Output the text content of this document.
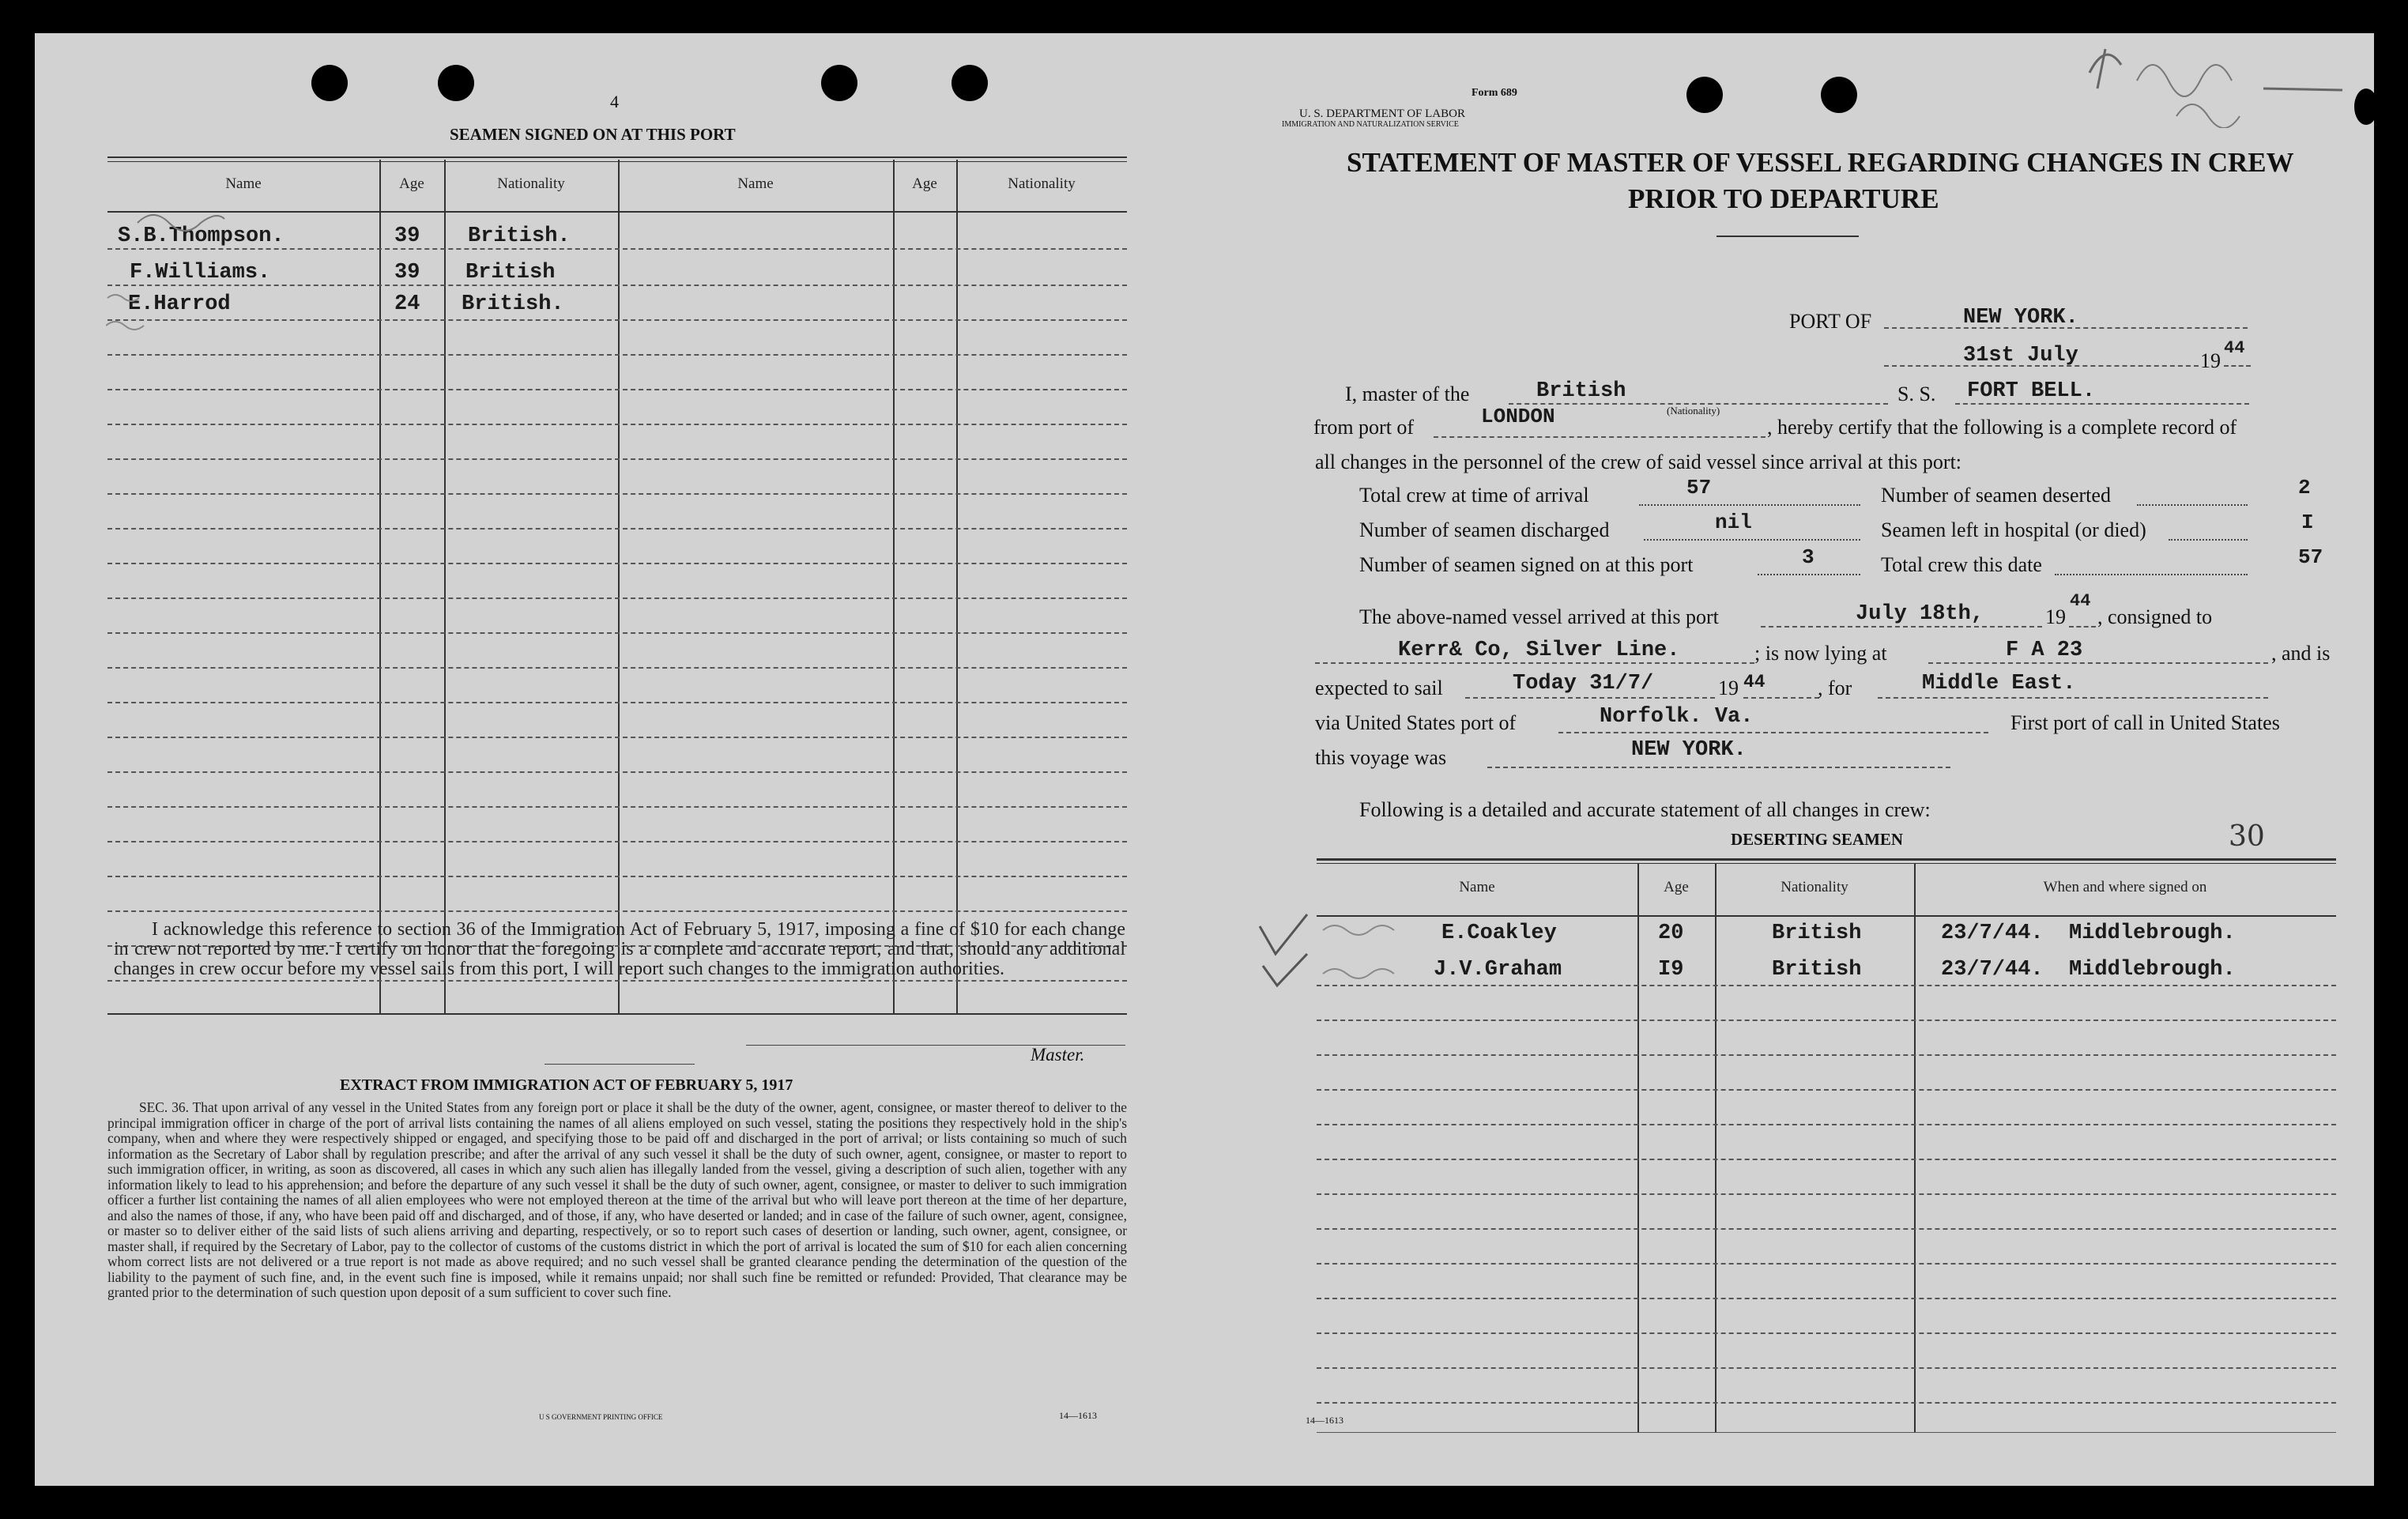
4
SEAMEN SIGNED ON AT THIS PORT
Name	Age	Nationality	Name	Age	Nationality
S.B.Thompson.	39 British.
F.Williams.	39 British
E.Harrod	24 British.
I acknowledge this reference to section 36 of the Immigration Act of February 5, 1917, imposing a fine of $10 for each change in crew not reported by me. I certify on honor that the foregoing is a complete and accurate report, and that, should any additional changes in crew occur before my vessel sails from this port, I will report such changes to the immigration authorities.
Master.
EXTRACT FROM IMMIGRATION ACT OF FEBRUARY 5, 1917
SEC. 36. That upon arrival of any vessel in the United States from any foreign port or place it shall be the duty of the owner, agent, consignee, or master thereof to deliver to the principal immigration officer in charge of the port of arrival lists containing the names of all aliens employed on such vessel, stating the positions they respectively hold in the ship's company, when and where they were respectively shipped or engaged, and specifying those to be paid off and discharged in the port of arrival; or lists containing so much of such information as the Secretary of Labor shall by regulation prescribe; and after the arrival of any such vessel it shall be the duty of such owner, agent, consignee, or master to report to such immigration officer, in writing, as soon as discovered, all cases in which any such alien has illegally landed from the vessel, giving a description of such alien, together with any information likely to lead to his apprehension; and before the departure of any such vessel it shall be the duty of such owner, agent, consignee, or master to deliver to such immigration officer a further list containing the names of all alien employees who were not employed thereon at the time of the arrival but who will leave port thereon at the time of her departure, and also the names of those, if any, who have been paid off and discharged, and of those, if any, who have deserted or landed; and in case of the failure of such owner, agent, consignee, or master so to deliver either of the said lists of such aliens arriving and departing, respectively, or so to report such cases of desertion or landing, such owner, agent, consignee, or master shall, if required by the Secretary of Labor, pay to the collector of customs of the customs district in which the port of arrival is located the sum of $10 for each alien concerning whom correct lists are not delivered or a true report is not made as above required; and no such vessel shall be granted clearance pending the determination of the question of the liability to the payment of such fine, and, in the event such fine is imposed, while it remains unpaid; nor shall such fine be remitted or refunded: Provided, That clearance may be granted prior to the determination of such question upon deposit of a sum sufficient to cover such fine.
U S GOVERNMENT PRINTING OFFICE	14—1613
Form 689
U. S. DEPARTMENT OF LABOR
IMMIGRATION AND NATURALIZATION SERVICE
STATEMENT OF MASTER OF VESSEL REGARDING CHANGES IN CREW
PRIOR TO DEPARTURE
PORT OF	NEW YORK.
31st July	19
44
I, master of the	British
(Nationality)
S. S. FORT BELL.
from port of	LONDON	, hereby certify that the following is a complete record of
all changes in the personnel of the crew of said vessel since arrival at this port:
Total crew at time of arrival	57	Number of seamen deserted	2
Number of seamen discharged	nil	Seamen left in hospital (or died)	I
Number of seamen signed on at this port	3	Total crew this date	57
The above-named vessel arrived at this port	July 18th,	19
44
, consigned to
Kerr& Co, Silver Line.	; is now lying at	F A 23	, and is
expected to sail	Today 31/7/	19 44	, for	Middle East.
via United States port of	Norfolk. Va.	First port of call in United States
this voyage was	NEW YORK.
Following is a detailed and accurate statement of all changes in crew:
DESERTING SEAMEN	30
Name	Age	Nationality	When and where signed on
E.Coakley	20	British	23/7/44.  Middlebrough.
J.V.Graham	I9	British	23/7/44.  Middlebrough.
14—1613
